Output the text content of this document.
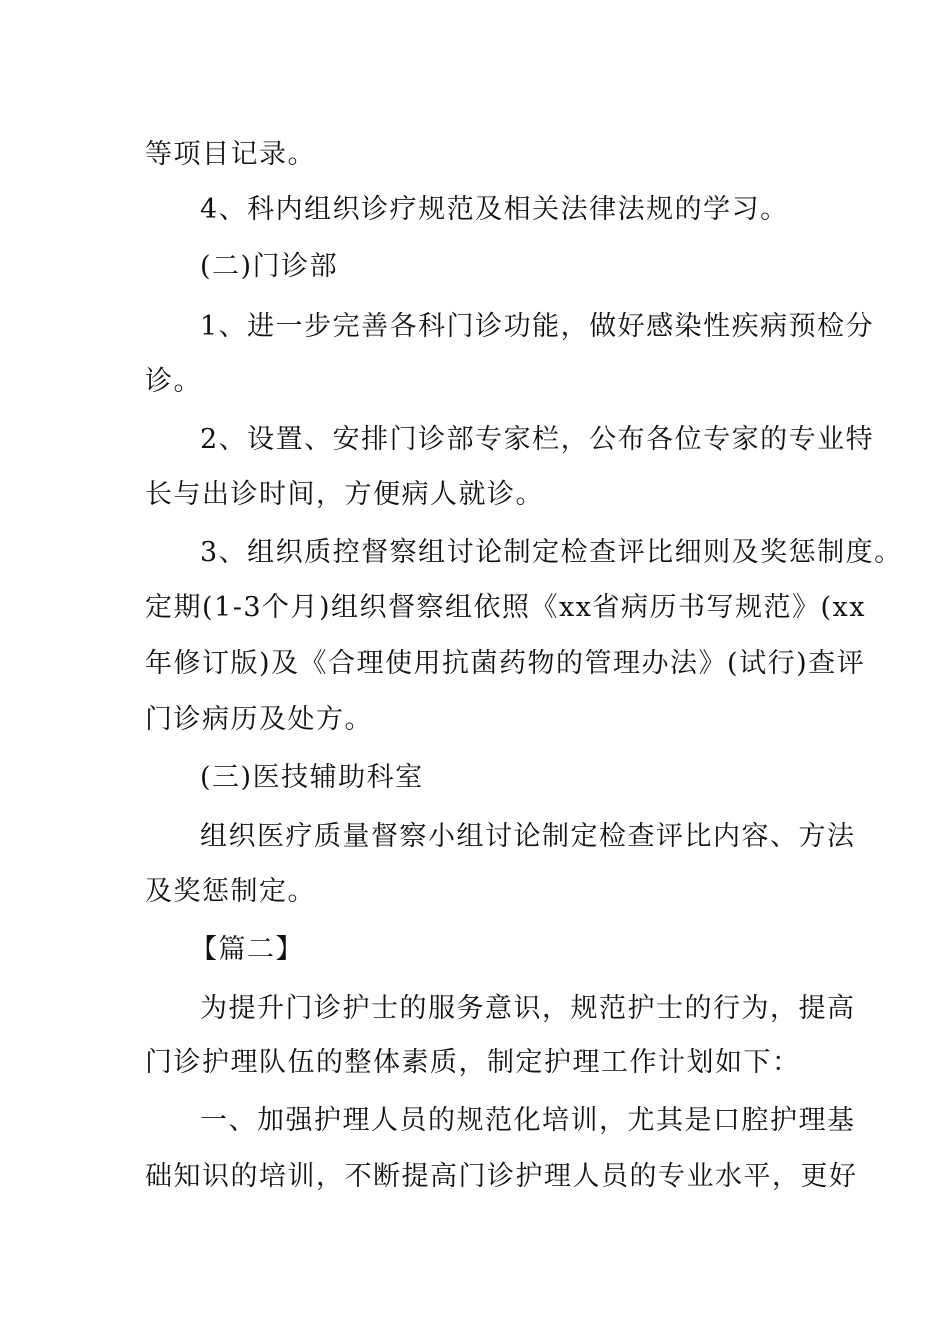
等项目记录。
4、科内组织诊疗规范及相关法律法规的学习。
(二)门诊部
1、进一步完善各科门诊功能，做好感染性疾病预检分
诊。
2、设置、安排门诊部专家栏，公布各位专家的专业特
长与出诊时间，方便病人就诊。
3、组织质控督察组讨论制定检查评比细则及奖惩制度。
定期(1-3个月)组织督察组依照《xx省病历书写规范》(xx
年修订版)及《合理使用抗菌药物的管理办法》(试行)查评
门诊病历及处方。
(三)医技辅助科室
组织医疗质量督察小组讨论制定检查评比内容、方法
及奖惩制定。
【篇二】
为提升门诊护士的服务意识，规范护士的行为，提高
门诊护理队伍的整体素质，制定护理工作计划如下：
一、加强护理人员的规范化培训，尤其是口腔护理基
础知识的培训，不断提高门诊护理人员的专业水平，更好
